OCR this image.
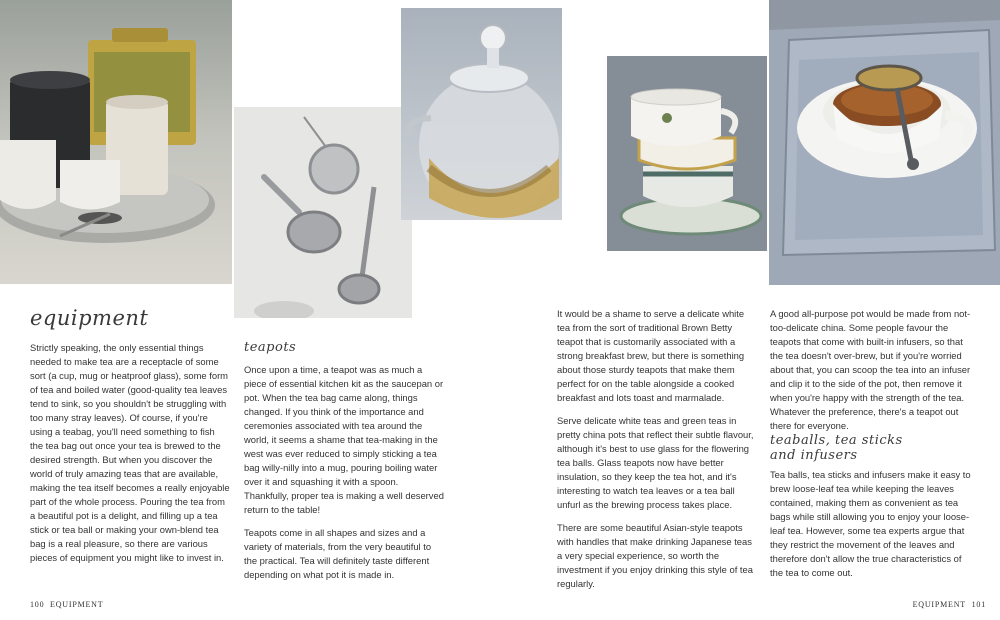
equipment

Strictly speaking, the only essential things needed to make tea are a receptacle of some sort (a cup, mug or heatproof glass), some form of tea and boiled water (good-quality tea leaves tend to sink, so you shouldn't be struggling with too many stray leaves). Of course, if you're using a teabag, you'll need something to fish the tea bag out once your tea is brewed to the desired strength. But when you discover the world of truly amazing teas that are available, making the tea itself becomes a really enjoyable part of the whole process. Pouring the tea from a beautiful pot is a delight, and filling up a tea stick or tea ball or making your own-blend tea bag is a real pleasure, so there are various pieces of equipment you might like to invest in.

teapots

Once upon a time, a teapot was as much a piece of essential kitchen kit as the saucepan or pot. When the tea bag came along, things changed. If you think of the importance and ceremonies associated with tea around the world, it seems a shame that tea-making in the west was ever reduced to simply sticking a tea bag willy-nilly into a mug, pouring boiling water over it and squashing it with a spoon. Thankfully, proper tea is making a well deserved return to the table!

Teapots come in all shapes and sizes and a variety of materials, from the very beautiful to the practical. Tea will definitely taste different depending on what pot it is made in.

100 EQUIPMENT

It would be a shame to serve a delicate white tea from the sort of traditional Brown Betty teapot that is customarily associated with a strong breakfast brew, but there is something about those sturdy teapots that make them perfect for on the table alongside a cooked breakfast and lots toast and marmalade.

Serve delicate white teas and green teas in pretty china pots that reflect their subtle flavour, although it's best to use glass for the flowering tea balls. Glass teapots now have better insulation, so they keep the tea hot, and it's interesting to watch tea leaves or a tea ball unfurl as the brewing process takes place.

There are some beautiful Asian-style teapots with handles that make drinking Japanese teas a very special experience, so worth the investment if you enjoy drinking this style of tea regularly.

A good all-purpose pot would be made from not-too-delicate china. Some people favour the teapots that come with built-in infusers, so that the tea doesn't over-brew, but if you're worried about that, you can scoop the tea into an infuser and clip it to the side of the pot, then remove it when you're happy with the strength of the tea. Whatever the preference, there's a teapot out there for everyone.

teaballs, tea sticks
and infusers

Tea balls, tea sticks and infusers make it easy to brew loose-leaf tea while keeping the leaves contained, making them as convenient as tea bags while still allowing you to enjoy your loose-leaf tea. However, some tea experts argue that they restrict the movement of the leaves and therefore don't allow the true characteristics of the tea to come out.

EQUIPMENT 101
